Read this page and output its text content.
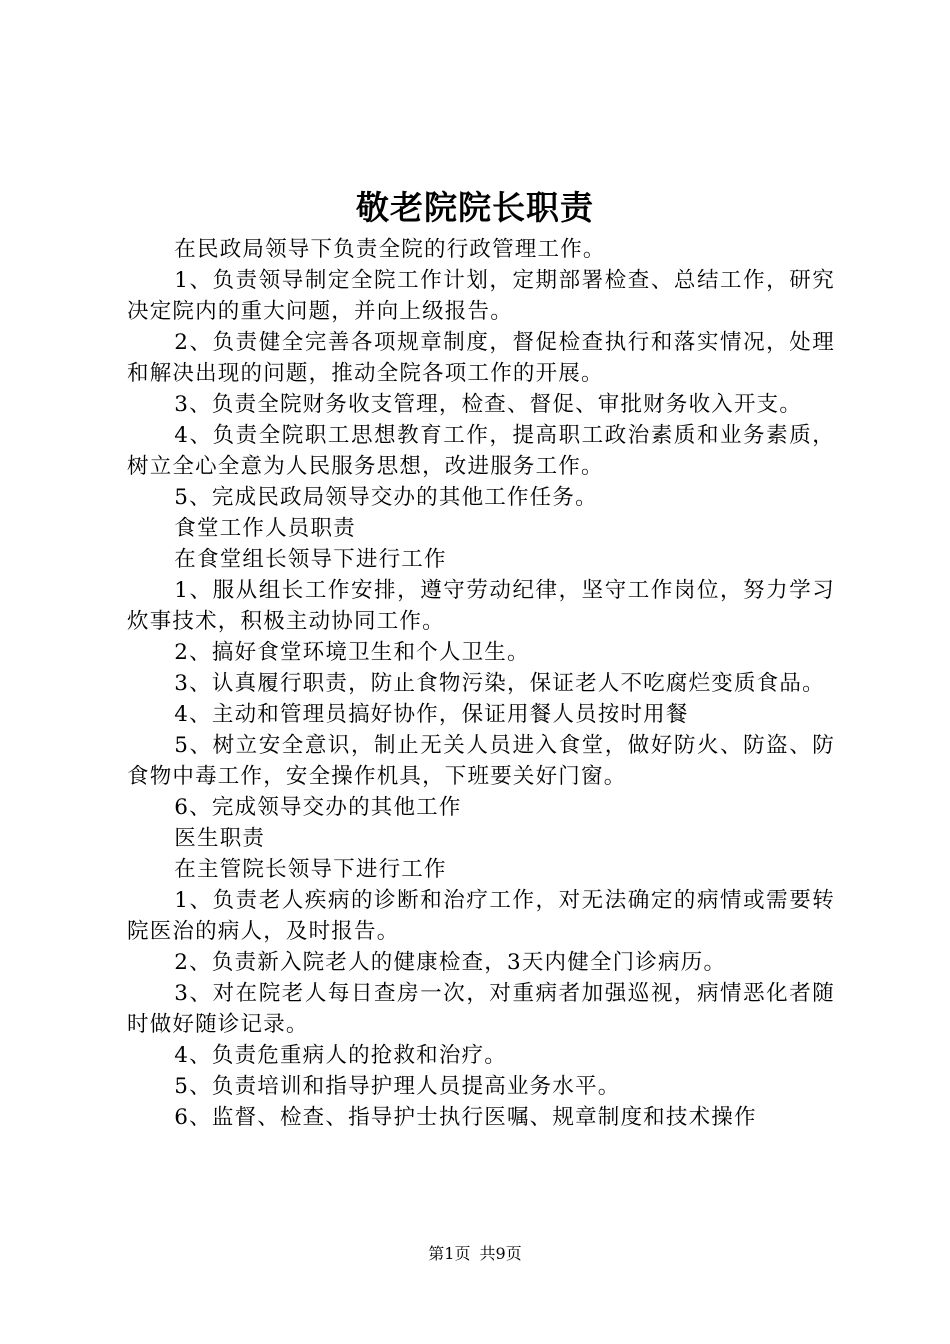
敬老院院长职责

在民政局领导下负责全院的行政管理工作。

1、负责领导制定全院工作计划，定期部署检查、总结工作，研究决定院内的重大问题，并向上级报告。

2、负责健全完善各项规章制度，督促检查执行和落实情况，处理和解决出现的问题，推动全院各项工作的开展。

3、负责全院财务收支管理，检查、督促、审批财务收入开支。

4、负责全院职工思想教育工作，提高职工政治素质和业务素质，树立全心全意为人民服务思想，改进服务工作。

5、完成民政局领导交办的其他工作任务。

食堂工作人员职责

在食堂组长领导下进行工作

1、服从组长工作安排，遵守劳动纪律，坚守工作岗位，努力学习炊事技术，积极主动协同工作。

2、搞好食堂环境卫生和个人卫生。

3、认真履行职责，防止食物污染，保证老人不吃腐烂变质食品。

4、主动和管理员搞好协作，保证用餐人员按时用餐

5、树立安全意识，制止无关人员进入食堂，做好防火、防盗、防食物中毒工作，安全操作机具，下班要关好门窗。

6、完成领导交办的其他工作

医生职责

在主管院长领导下进行工作

1、负责老人疾病的诊断和治疗工作，对无法确定的病情或需要转院医治的病人，及时报告。

2、负责新入院老人的健康检查，3天内健全门诊病历。

3、对在院老人每日查房一次，对重病者加强巡视，病情恶化者随时做好随诊记录。

4、负责危重病人的抢救和治疗。

5、负责培训和指导护理人员提高业务水平。

6、监督、检查、指导护士执行医嘱、规章制度和技术操作

第1页 共9页
